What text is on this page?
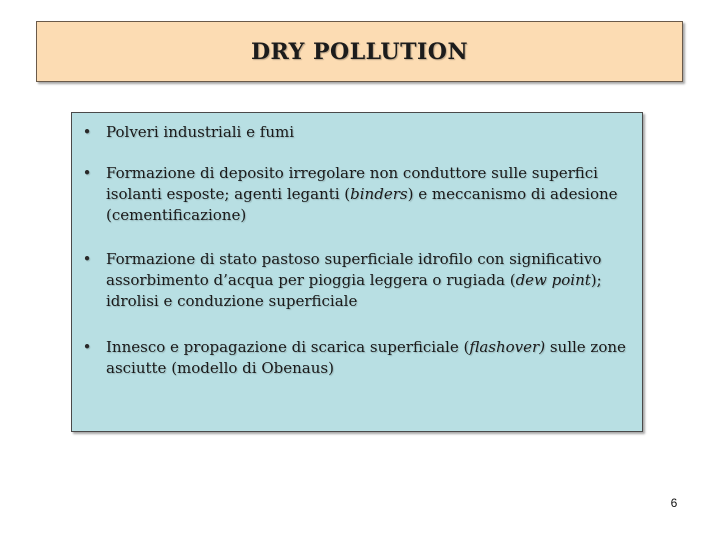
DRY POLLUTION
• Polveri industriali e fumi
• Formazione di deposito irregolare non conduttore sulle superfici isolanti esposte; agenti leganti (binders) e meccanismo di adesione (cementificazione)
• Formazione di stato pastoso superficiale idrofilo con significativo assorbimento d’acqua per pioggia leggera o rugiada (dew point); idrolisi e conduzione superficiale
• Innesco e propagazione di scarica superficiale (flashover) sulle zone asciutte (modello di Obenaus)
6
